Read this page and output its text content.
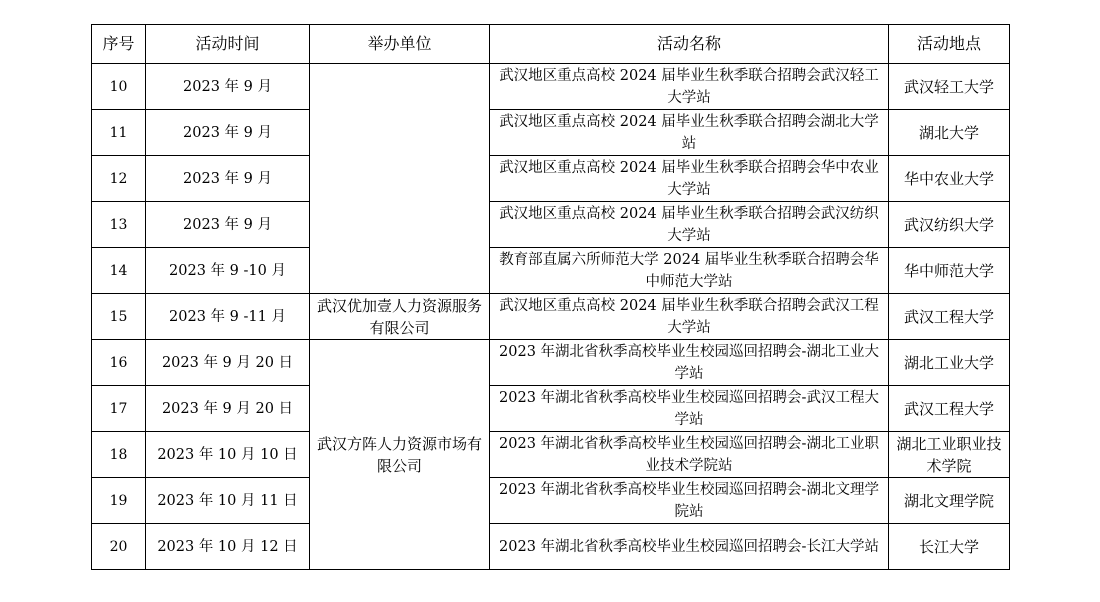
序号	活动时间	举办单位	活动名称	活动地点
10	2023 年 9 月		武汉地区重点高校 2024 届毕业生秋季联合招聘会武汉轻工大学站	武汉轻工大学
11	2023 年 9 月		武汉地区重点高校 2024 届毕业生秋季联合招聘会湖北大学站	湖北大学
12	2023 年 9 月		武汉地区重点高校 2024 届毕业生秋季联合招聘会华中农业大学站	华中农业大学
13	2023 年 9 月		武汉地区重点高校 2024 届毕业生秋季联合招聘会武汉纺织大学站	武汉纺织大学
14	2023 年 9 -10 月		教育部直属六所师范大学 2024 届毕业生秋季联合招聘会华中师范大学站	华中师范大学
15	2023 年 9 -11 月	武汉优加壹人力资源服务有限公司	武汉地区重点高校 2024 届毕业生秋季联合招聘会武汉工程大学站	武汉工程大学
16	2023 年 9 月 20 日	武汉方阵人力资源市场有限公司	2023 年湖北省秋季高校毕业生校园巡回招聘会-湖北工业大学站	湖北工业大学
17	2023 年 9 月 20 日		2023 年湖北省秋季高校毕业生校园巡回招聘会-武汉工程大学站	武汉工程大学
18	2023 年 10 月 10 日		2023 年湖北省秋季高校毕业生校园巡回招聘会-湖北工业职业技术学院站	湖北工业职业技术学院
19	2023 年 10 月 11 日		2023 年湖北省秋季高校毕业生校园巡回招聘会-湖北文理学院站	湖北文理学院
20	2023 年 10 月 12 日		2023 年湖北省秋季高校毕业生校园巡回招聘会-长江大学站	长江大学
